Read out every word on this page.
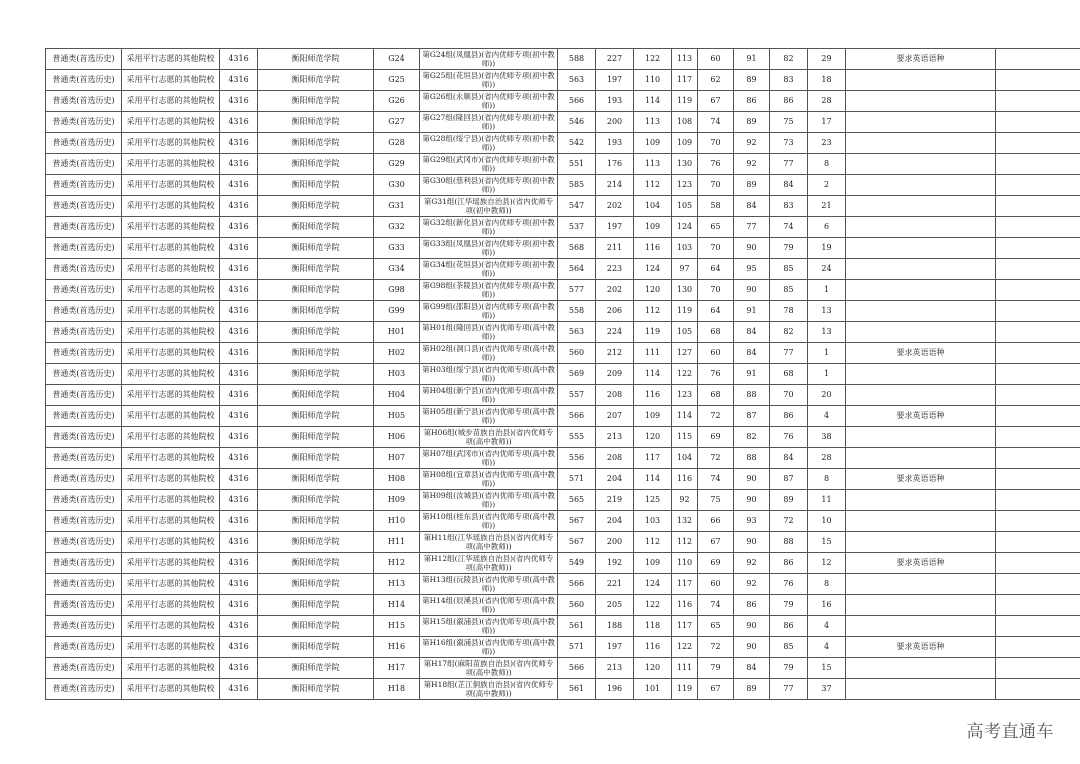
普通类(首选历史)	采用平行志愿的其他院校	4316	衡阳师范学院	G24	第G24组(凤凰县)(省内优师专项(初中教师))	588	227	122	113	60	91	82	29	要求英语语种	
普通类(首选历史)	采用平行志愿的其他院校	4316	衡阳师范学院	G25	第G25组(花垣县)(省内优师专项(初中教师))	563	197	110	117	62	89	83	18		
普通类(首选历史)	采用平行志愿的其他院校	4316	衡阳师范学院	G26	第G26组(永顺县)(省内优师专项(初中教师))	566	193	114	119	67	86	86	28		
普通类(首选历史)	采用平行志愿的其他院校	4316	衡阳师范学院	G27	第G27组(隆回县)(省内优师专项(初中教师))	546	200	113	108	74	89	75	17		
普通类(首选历史)	采用平行志愿的其他院校	4316	衡阳师范学院	G28	第G28组(绥宁县)(省内优师专项(初中教师))	542	193	109	109	70	92	73	23		
普通类(首选历史)	采用平行志愿的其他院校	4316	衡阳师范学院	G29	第G29组(武冈市)(省内优师专项(初中教师))	551	176	113	130	76	92	77	8		
普通类(首选历史)	采用平行志愿的其他院校	4316	衡阳师范学院	G30	第G30组(慈利县)(省内优师专项(初中教师))	585	214	112	123	70	89	84	2		
普通类(首选历史)	采用平行志愿的其他院校	4316	衡阳师范学院	G31	第G31组(江华瑶族自治县)(省内优师专项(初中教师))	547	202	104	105	58	84	83	21		
普通类(首选历史)	采用平行志愿的其他院校	4316	衡阳师范学院	G32	第G32组(新化县)(省内优师专项(初中教师))	537	197	109	124	65	77	74	6		
普通类(首选历史)	采用平行志愿的其他院校	4316	衡阳师范学院	G33	第G33组(凤凰县)(省内优师专项(初中教师))	568	211	116	103	70	90	79	19		
普通类(首选历史)	采用平行志愿的其他院校	4316	衡阳师范学院	G34	第G34组(花垣县)(省内优师专项(初中教师))	564	223	124	97	64	95	85	24		
普通类(首选历史)	采用平行志愿的其他院校	4316	衡阳师范学院	G98	第G98组(茶陵县)(省内优师专项(高中教师))	577	202	120	130	70	90	85	1		
普通类(首选历史)	采用平行志愿的其他院校	4316	衡阳师范学院	G99	第G99组(邵阳县)(省内优师专项(高中教师))	558	206	112	119	64	91	78	13		
普通类(首选历史)	采用平行志愿的其他院校	4316	衡阳师范学院	H01	第H01组(隆回县)(省内优师专项(高中教师))	563	224	119	105	68	84	82	13		
普通类(首选历史)	采用平行志愿的其他院校	4316	衡阳师范学院	H02	第H02组(洞口县)(省内优师专项(高中教师))	560	212	111	127	60	84	77	1	要求英语语种	
普通类(首选历史)	采用平行志愿的其他院校	4316	衡阳师范学院	H03	第H03组(绥宁县)(省内优师专项(高中教师))	569	209	114	122	76	91	68	1		
普通类(首选历史)	采用平行志愿的其他院校	4316	衡阳师范学院	H04	第H04组(新宁县)(省内优师专项(高中教师))	557	208	116	123	68	88	70	20		
普通类(首选历史)	采用平行志愿的其他院校	4316	衡阳师范学院	H05	第H05组(新宁县)(省内优师专项(高中教师))	566	207	109	114	72	87	86	4	要求英语语种	
普通类(首选历史)	采用平行志愿的其他院校	4316	衡阳师范学院	H06	第H06组(城步苗族自治县)(省内优师专项(高中教师))	555	213	120	115	69	82	76	38		
普通类(首选历史)	采用平行志愿的其他院校	4316	衡阳师范学院	H07	第H07组(武冈市)(省内优师专项(高中教师))	556	208	117	104	72	88	84	28		
普通类(首选历史)	采用平行志愿的其他院校	4316	衡阳师范学院	H08	第H08组(宜章县)(省内优师专项(高中教师))	571	204	114	116	74	90	87	8	要求英语语种	
普通类(首选历史)	采用平行志愿的其他院校	4316	衡阳师范学院	H09	第H09组(汝城县)(省内优师专项(高中教师))	565	219	125	92	75	90	89	11		
普通类(首选历史)	采用平行志愿的其他院校	4316	衡阳师范学院	H10	第H10组(桂东县)(省内优师专项(高中教师))	567	204	103	132	66	93	72	10		
普通类(首选历史)	采用平行志愿的其他院校	4316	衡阳师范学院	H11	第H11组(江华瑶族自治县)(省内优师专项(高中教师))	567	200	112	112	67	90	88	15		
普通类(首选历史)	采用平行志愿的其他院校	4316	衡阳师范学院	H12	第H12组(江华瑶族自治县)(省内优师专项(高中教师))	549	192	109	110	69	92	86	12	要求英语语种	
普通类(首选历史)	采用平行志愿的其他院校	4316	衡阳师范学院	H13	第H13组(沅陵县)(省内优师专项(高中教师))	566	221	124	117	60	92	76	8		
普通类(首选历史)	采用平行志愿的其他院校	4316	衡阳师范学院	H14	第H14组(辰溪县)(省内优师专项(高中教师))	560	205	122	116	74	86	79	16		
普通类(首选历史)	采用平行志愿的其他院校	4316	衡阳师范学院	H15	第H15组(溆浦县)(省内优师专项(高中教师))	561	188	118	117	65	90	86	4		
普通类(首选历史)	采用平行志愿的其他院校	4316	衡阳师范学院	H16	第H16组(溆浦县)(省内优师专项(高中教师))	571	197	116	122	72	90	85	4	要求英语语种	
普通类(首选历史)	采用平行志愿的其他院校	4316	衡阳师范学院	H17	第H17组(麻阳苗族自治县)(省内优师专项(高中教师))	566	213	120	111	79	84	79	15		
普通类(首选历史)	采用平行志愿的其他院校	4316	衡阳师范学院	H18	第H18组(芷江侗族自治县)(省内优师专项(高中教师))	561	196	101	119	67	89	77	37		
高考直通车
